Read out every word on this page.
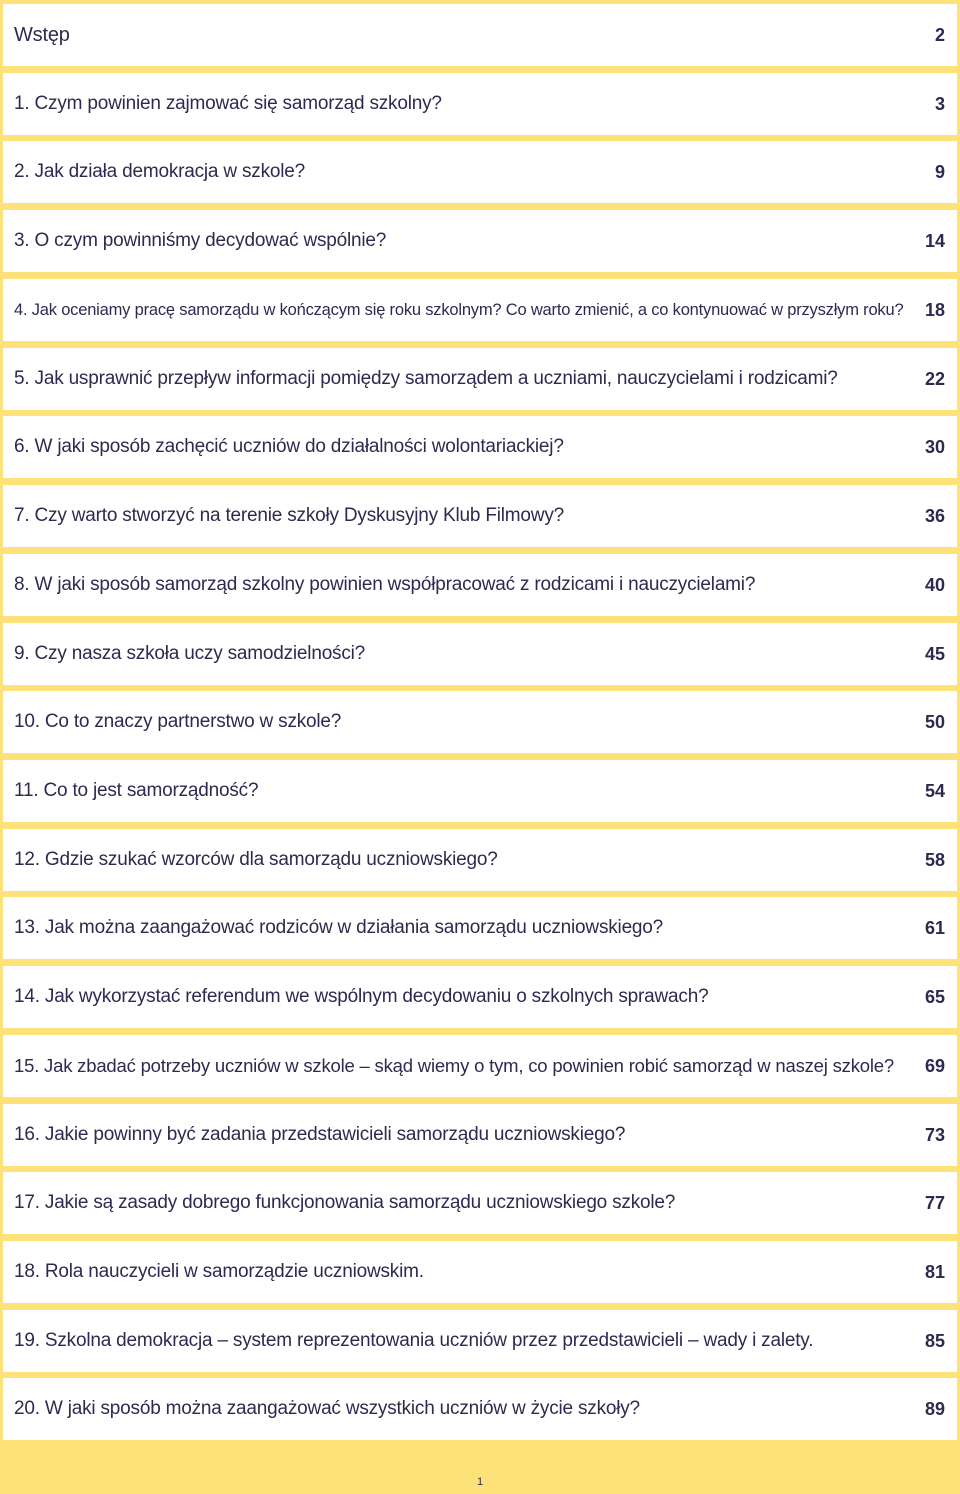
Wstęp	2
1. Czym powinien zajmować się samorząd szkolny?	3
2. Jak działa demokracja w szkole?	9
3. O czym powinniśmy decydować wspólnie?	14
4. Jak oceniamy pracę samorządu w kończącym się roku szkolnym? Co warto zmienić, a co kontynuować w przyszłym roku? 18
5. Jak usprawnić przepływ informacji pomiędzy samorządem a uczniami, nauczycielami i rodzicami?	22
6. W jaki sposób zachęcić uczniów do działalności wolontariackiej?	30
7. Czy warto stworzyć na terenie szkoły Dyskusyjny Klub Filmowy?	36
8. W jaki sposób samorząd szkolny powinien współpracować z rodzicami i nauczycielami?	40
9. Czy nasza szkoła uczy samodzielności?	45
10. Co to znaczy partnerstwo w szkole?	50
11. Co to jest samorządność?	54
12. Gdzie szukać wzorców dla samorządu uczniowskiego?	58
13. Jak można zaangażować rodziców w działania samorządu uczniowskiego?	61
14. Jak wykorzystać referendum we wspólnym decydowaniu o szkolnych sprawach?	65
15. Jak zbadać potrzeby uczniów w szkole – skąd wiemy o tym, co powinien robić samorząd w naszej szkole? 69
16. Jakie powinny być zadania przedstawicieli samorządu uczniowskiego?	73
17. Jakie są zasady dobrego funkcjonowania samorządu uczniowskiego szkole?	77
18. Rola nauczycieli w samorządzie uczniowskim.	81
19. Szkolna demokracja – system reprezentowania uczniów przez przedstawicieli – wady i zalety.	85
20. W jaki sposób można zaangażować wszystkich uczniów w życie szkoły?	89
1
